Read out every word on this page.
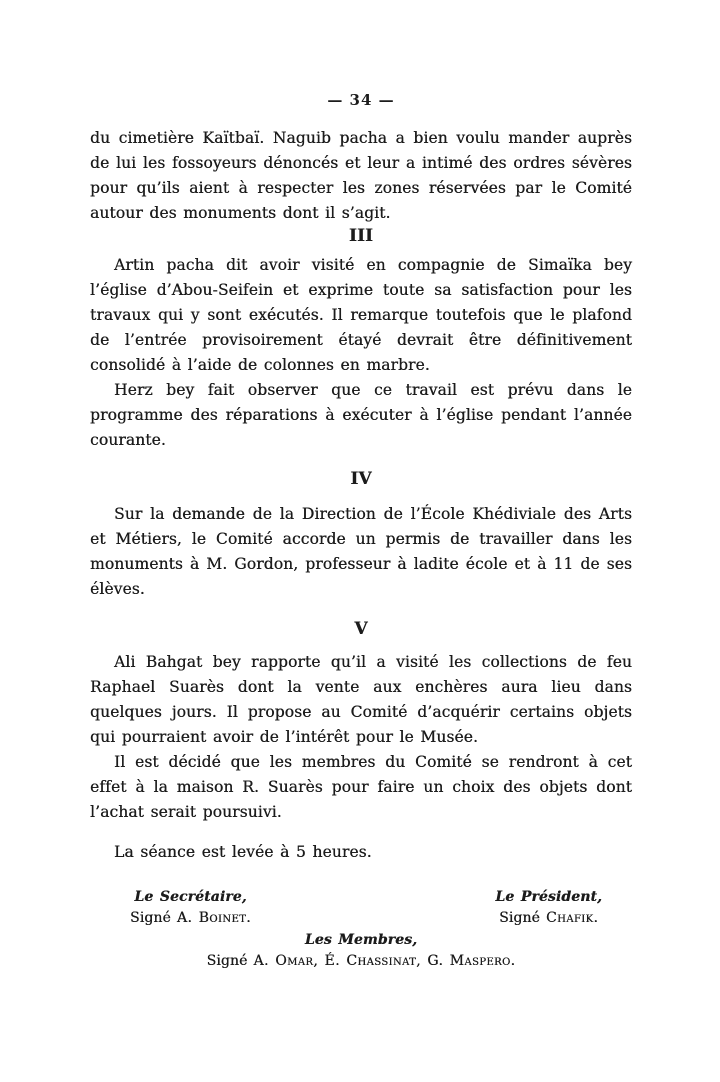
— 34 —

du cimetière Kaïtbaï. Naguib pacha a bien voulu mander auprès de lui les fossoyeurs dénoncés et leur a intimé des ordres sévères pour qu’ils aient à respecter les zones réservées par le Comité autour des monuments dont il s’agit.

III

Artin pacha dit avoir visité en compagnie de Simaïka bey l’église d’Abou-Seifein et exprime toute sa satisfaction pour les travaux qui y sont exécutés. Il remarque toutefois que le plafond de l’entrée provisoirement étayé devrait être définitivement consolidé à l’aide de colonnes en marbre.

Herz bey fait observer que ce travail est prévu dans le programme des réparations à exécuter à l’église pendant l’année courante.

IV

Sur la demande de la Direction de l’École Khédiviale des Arts et Métiers, le Comité accorde un permis de travailler dans les monuments à M. Gordon, professeur à ladite école et à 11 de ses élèves.

V

Ali Bahgat bey rapporte qu’il a visité les collections de feu Raphael Suarès dont la vente aux enchères aura lieu dans quelques jours. Il propose au Comité d’acquérir certains objets qui pourraient avoir de l’intérêt pour le Musée.

Il est décidé que les membres du Comité se rendront à cet effet à la maison R. Suarès pour faire un choix des objets dont l’achat serait poursuivi.

La séance est levée à 5 heures.

Le Secrétaire,
Signé A. Boinet.
Le Président,
Signé Chafik.
Les Membres,
Signé A. Omar, É. Chassinat, G. Maspero.
